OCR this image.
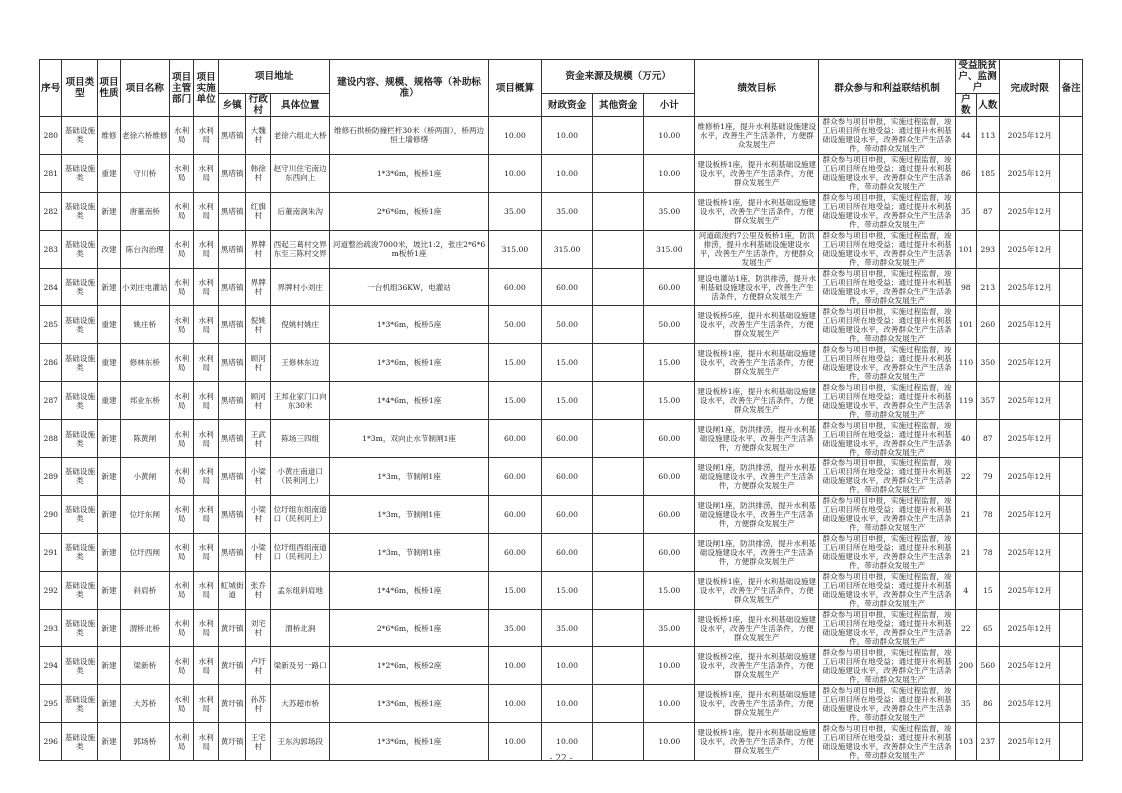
序号	项目类型	项目性质	项目名称	项目主管部门	项目实施单位	项目地址			建设内容、规模、规格等（补助标准）	项目概算	资金来源及规模（万元）			绩效目标	群众参与和利益联结机制	受益脱贫户、监测户		完成时限	备注
						乡镇	行政村	具体位置			财政资金	其他资金	小计			户数	人数		
280	基础设施类	维修	老徐六桥维修	水利局	水利局	黑塔镇	大魏村	老徐六组北大桥	维修石拱桥防撞栏杆30米（桥两面），桥两边恒土墙修缮	10.00	10.00		10.00	维修桥1座，提升水利基础设施建设水平，改善生产生活条件，方便群众发展生产	群众参与项目申报，实施过程监督，竣工后项目所在地受益；通过提升水利基础设施建设水平，改善群众生产生活条件，带动群众发展生产	44	113	2025年12月	
281	基础设施类	重建	守川桥	水利局	水利局	黑塔镇	韩徐村	赵守川住宅南边东西向上	1*3*6m，板桥1座	10.00	10.00		10.00	建设板桥1座，提升水利基础设施建设水平，改善生产生活条件，方便群众发展生产	群众参与项目申报，实施过程监督，竣工后项目所在地受益；通过提升水利基础设施建设水平，改善群众生产生活条件，带动群众发展生产	86	185	2025年12月	
282	基础设施类	新建	唐董南桥	水利局	水利局	黑塔镇	红旗村	后董南涧朱沟	2*6*6m，板桥1座	35.00	35.00		35.00	建设板桥1座，提升水利基础设施建设水平，改善生产生活条件，方便群众发展生产	群众参与项目申报，实施过程监督，竣工后项目所在地受益；通过提升水利基础设施建设水平，改善群众生产生活条件，带动群众发展生产	35	87	2025年12月	
283	基础设施类	改建	陈台沟治理	水利局	水利局	黑塔镇	界牌村	西起三葛村交界东至三陈村交界	河道整治疏浚7000米，坡比1:2，张庄2*6*6m板桥1座	315.00	315.00		315.00	河道疏浚约7公里及板桥1座，防洪排涝，提升水利基础设施建设水平，改善生产生活条件，方便群众发展生产	群众参与项目申报，实施过程监督，竣工后项目所在地受益；通过提升水利基础设施建设水平，改善群众生产生活条件，带动群众发展生产	101	293	2025年12月	
284	基础设施类	新建	小刘庄电灌站	水利局	水利局	黑塔镇	界牌村	界牌村小刘庄	一台机组36KW，电灌站	60.00	60.00		60.00	建设电灌站1座，防洪排涝，提升水利基础设施建设水平，改善生产生活条件，方便群众发展生产	群众参与项目申报，实施过程监督，竣工后项目所在地受益；通过提升水利基础设施建设水平，改善群众生产生活条件，带动群众发展生产	98	213	2025年12月	
285	基础设施类	重建	姚庄桥	水利局	水利局	黑塔镇	倪姚村	倪姚村姚庄	1*3*6m，板桥5座	50.00	50.00		50.00	建设板桥5座，提升水利基础设施建设水平，改善生产生活条件，方便群众发展生产	群众参与项目申报，实施过程监督，竣工后项目所在地受益；通过提升水利基础设施建设水平，改善群众生产生活条件，带动群众发展生产	101	260	2025年12月	
286	基础设施类	重建	修林东桥	水利局	水利局	黑塔镇	顾河村	王修林东边	1*3*6m，板桥1座	15.00	15.00		15.00	建设板桥1座，提升水利基础设施建设水平，改善生产生活条件，方便群众发展生产	群众参与项目申报，实施过程监督，竣工后项目所在地受益；通过提升水利基础设施建设水平，改善群众生产生活条件，带动群众发展生产	110	350	2025年12月	
287	基础设施类	重建	邦业东桥	水利局	水利局	黑塔镇	顾河村	王邦业家门口向东30米	1*4*6m，板桥1座	15.00	15.00		15.00	建设板桥1座，提升水利基础设施建设水平，改善生产生活条件，方便群众发展生产	群众参与项目申报，实施过程监督，竣工后项目所在地受益；通过提升水利基础设施建设水平，改善群众生产生活条件，带动群众发展生产	119	357	2025年12月	
288	基础设施类	新建	陈黄闸	水利局	水利局	黑塔镇	王武村	陈场三四组	1*3m，双向止水节制闸1座	60.00	60.00		60.00	建设闸1座，防洪排涝，提升水利基础设施建设水平，改善生产生活条件，方便群众发展生产	群众参与项目申报，实施过程监督，竣工后项目所在地受益；通过提升水利基础设施建设水平，改善群众生产生活条件，带动群众发展生产	40	87	2025年12月	
289	基础设施类	新建	小黄闸	水利局	水利局	黑塔镇	小梁村	小黄庄南道口（民利河上）	1*3m，节制闸1座	60.00	60.00		60.00	建设闸1座，防洪排涝，提升水利基础设施建设水平，改善生产生活条件，方便群众发展生产	群众参与项目申报，实施过程监督，竣工后项目所在地受益；通过提升水利基础设施建设水平，改善群众生产生活条件，带动群众发展生产	22	79	2025年12月	
290	基础设施类	新建	位圩东闸	水利局	水利局	黑塔镇	小梁村	位圩组东组南道口（民利河上）	1*3m，节制闸1座	60.00	60.00		60.00	建设闸1座，防洪排涝，提升水利基础设施建设水平，改善生产生活条件，方便群众发展生产	群众参与项目申报，实施过程监督，竣工后项目所在地受益；通过提升水利基础设施建设水平，改善群众生产生活条件，带动群众发展生产	21	78	2025年12月	
291	基础设施类	新建	位圩西闸	水利局	水利局	黑塔镇	小梁村	位圩组西组南道口（民利河上）	1*3m，节制闸1座	60.00	60.00		60.00	建设闸1座，防洪排涝，提升水利基础设施建设水平，改善生产生活条件，方便群众发展生产	群众参与项目申报，实施过程监督，竣工后项目所在地受益；通过提升水利基础设施建设水平，改善群众生产生活条件，带动群众发展生产	21	78	2025年12月	
292	基础设施类	新建	斜肩桥	水利局	水利局	虹城街道	张乔村	孟东组斜肩地	1*4*6m，板桥1座	15.00	15.00		15.00	建设板桥1座，提升水利基础设施建设水平，改善生产生活条件，方便群众发展生产	群众参与项目申报，实施过程监督，竣工后项目所在地受益；通过提升水利基础设施建设水平，改善群众生产生活条件，带动群众发展生产	4	15	2025年12月	
293	基础设施类	新建	渭桥北桥	水利局	水利局	黄圩镇	刘宅村	渭桥北涧	2*6*6m，板桥1座	35.00	35.00		35.00	建设板桥1座，提升水利基础设施建设水平，改善生产生活条件，方便群众发展生产	群众参与项目申报，实施过程监督，竣工后项目所在地受益；通过提升水利基础设施建设水平，改善群众生产生活条件，带动群众发展生产	22	65	2025年12月	
294	基础设施类	新建	梁新桥	水利局	水利局	黄圩镇	卢圩村	梁新及另一路口	1*2*6m，板桥2座	10.00	10.00		10.00	建设板桥2座，提升水利基础设施建设水平，改善生产生活条件，方便群众发展生产	群众参与项目申报，实施过程监督，竣工后项目所在地受益；通过提升水利基础设施建设水平，改善群众生产生活条件，带动群众发展生产	200	560	2025年12月	
295	基础设施类	新建	大苏桥	水利局	水利局	黄圩镇	孙苏村	大苏超市桥	1*3*6m，板桥1座	10.00	10.00		10.00	建设板桥1座，提升水利基础设施建设水平，改善生产生活条件，方便群众发展生产	群众参与项目申报，实施过程监督，竣工后项目所在地受益；通过提升水利基础设施建设水平，改善群众生产生活条件，带动群众发展生产	35	86	2025年12月	
296	基础设施类	新建	郭场桥	水利局	水利局	黄圩镇	王宅村	王东沟郭场段	1*3*6m，板桥1座	10.00	10.00		10.00	建设板桥1座，提升水利基础设施建设水平，改善生产生活条件，方便群众发展生产	群众参与项目申报，实施过程监督，竣工后项目所在地受益；通过提升水利基础设施建设水平，改善群众生产生活条件，带动群众发展生产	103	237	2025年12月	
- 22 -
